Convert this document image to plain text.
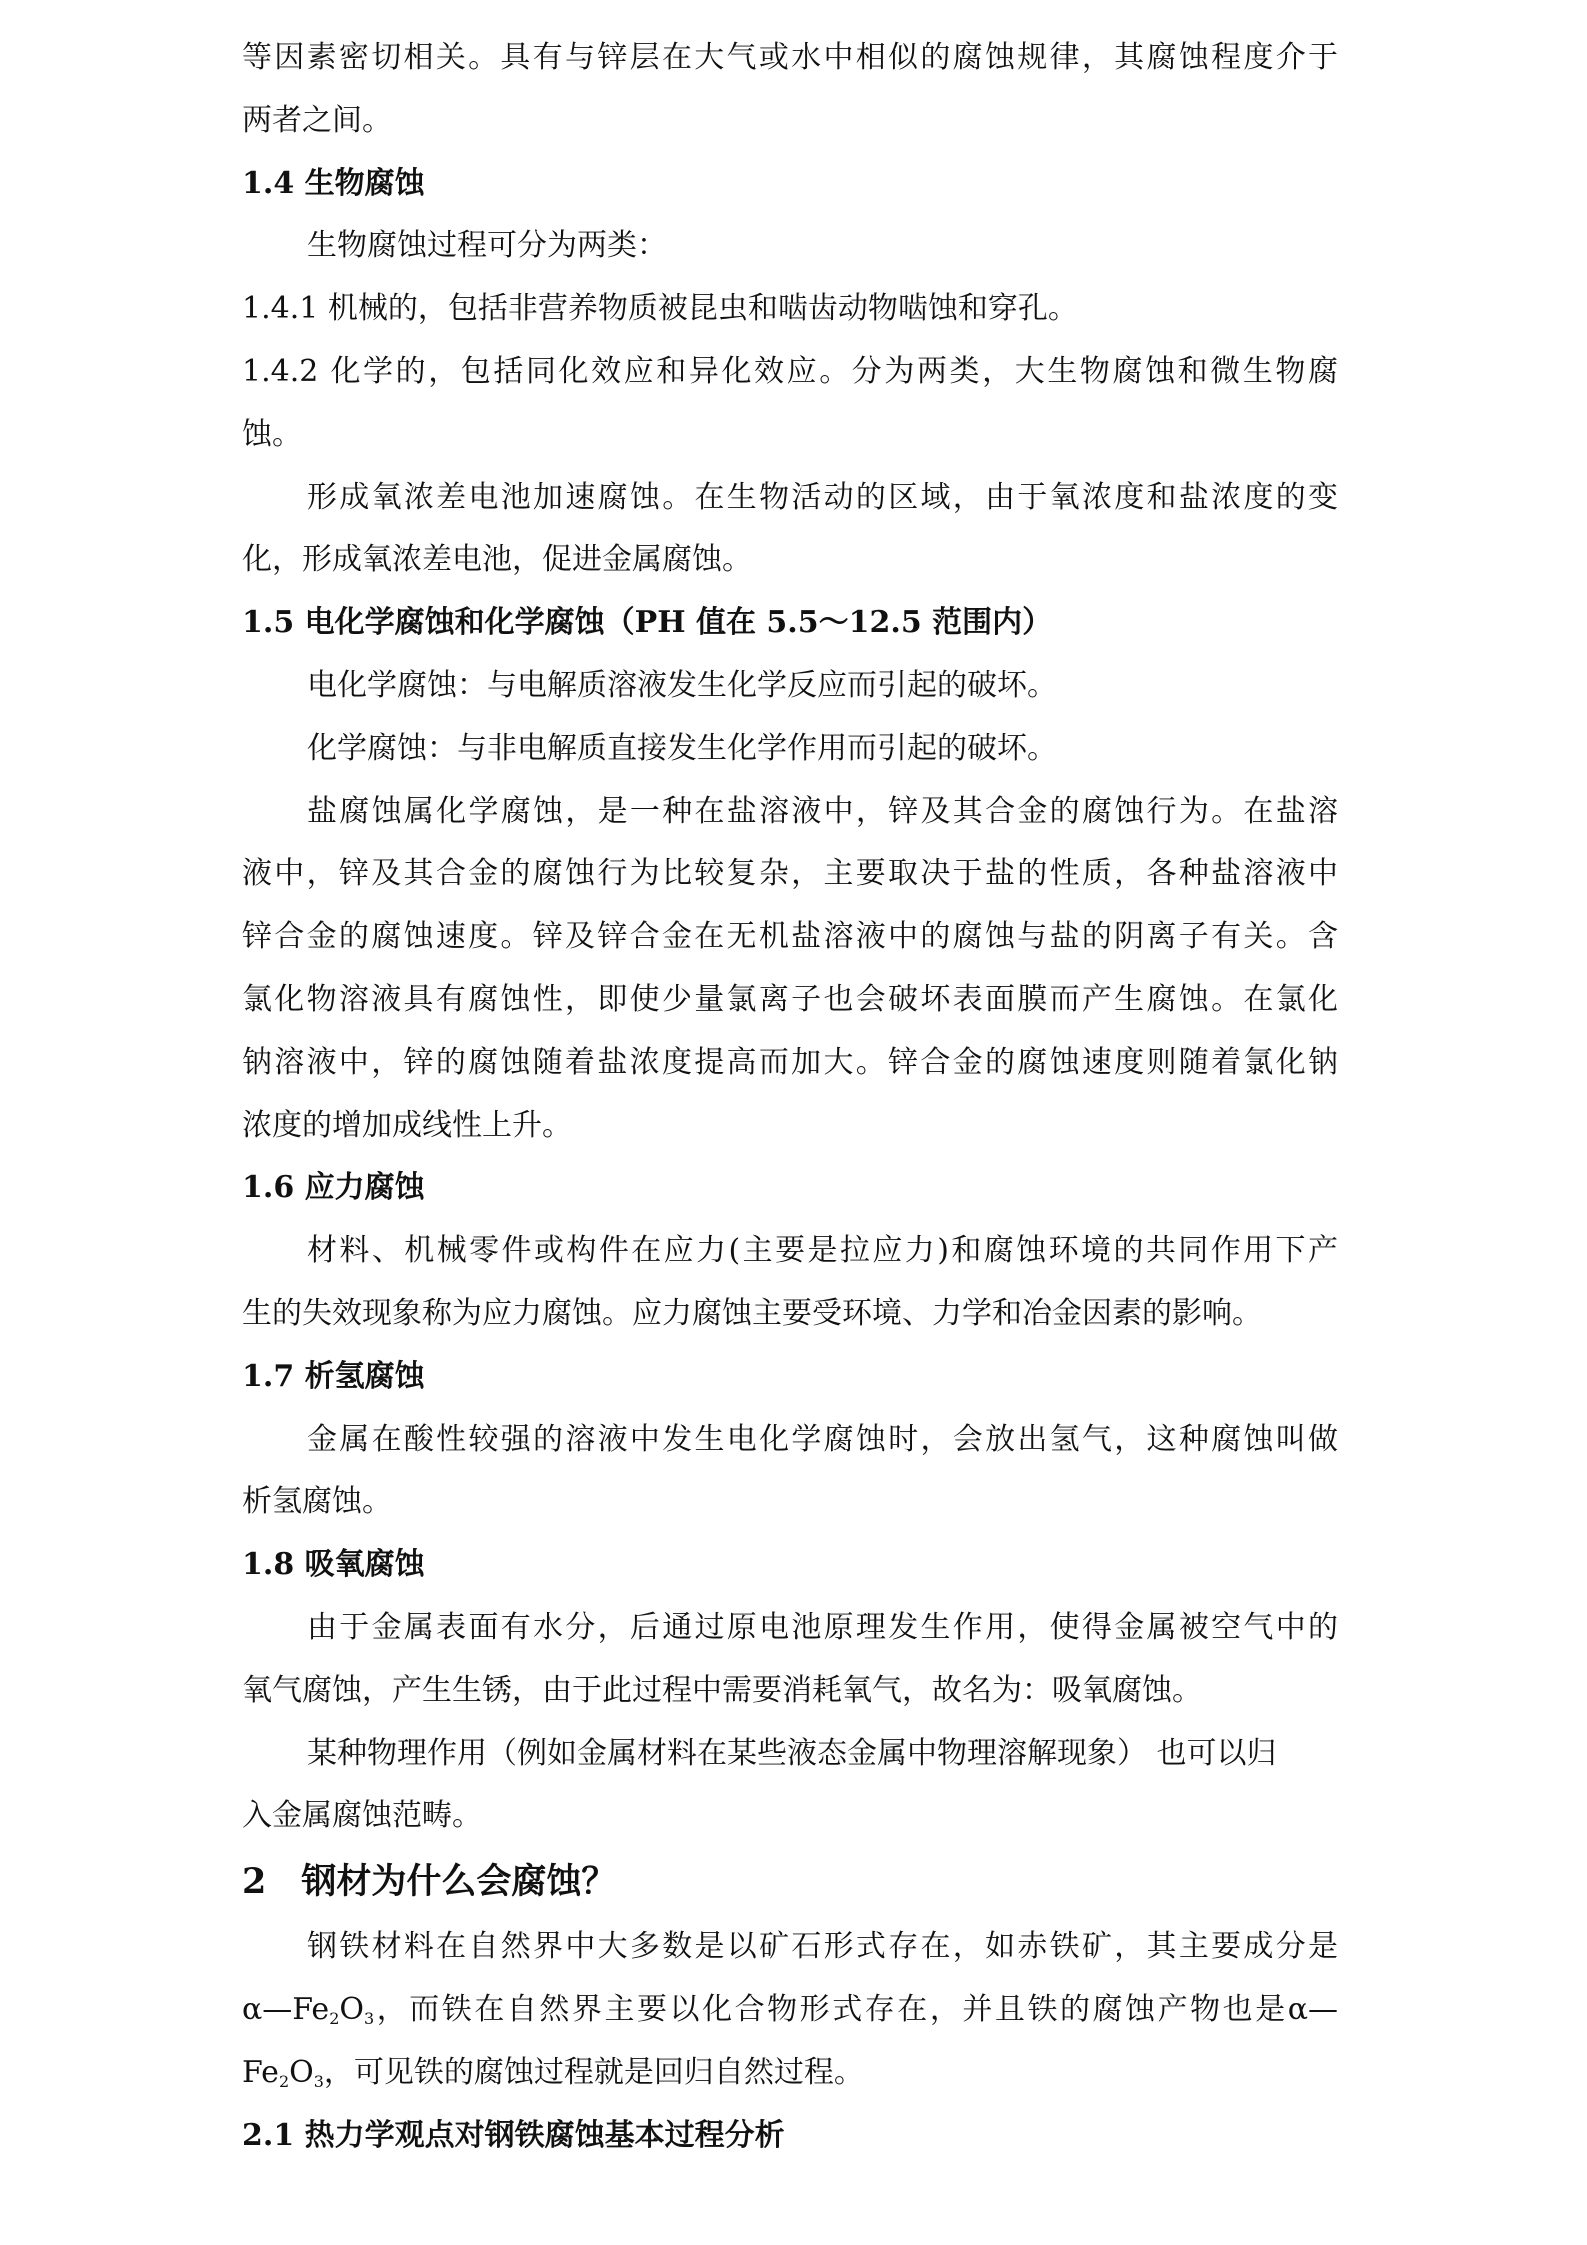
等因素密切相关。具有与锌层在大气或水中相似的腐蚀规律，其腐蚀程度介于
两者之间。
1.4 生物腐蚀
生物腐蚀过程可分为两类：
1.4.1 机械的，包括非营养物质被昆虫和啮齿动物啮蚀和穿孔。
1.4.2 化学的，包括同化效应和异化效应。分为两类，大生物腐蚀和微生物腐
蚀。
形成氧浓差电池加速腐蚀。在生物活动的区域，由于氧浓度和盐浓度的变
化，形成氧浓差电池，促进金属腐蚀。
1.5 电化学腐蚀和化学腐蚀（PH 值在 5.5～12.5 范围内）
电化学腐蚀：与电解质溶液发生化学反应而引起的破坏。
化学腐蚀：与非电解质直接发生化学作用而引起的破坏。
盐腐蚀属化学腐蚀，是一种在盐溶液中，锌及其合金的腐蚀行为。在盐溶
液中，锌及其合金的腐蚀行为比较复杂，主要取决于盐的性质，各种盐溶液中
锌合金的腐蚀速度。锌及锌合金在无机盐溶液中的腐蚀与盐的阴离子有关。含
氯化物溶液具有腐蚀性，即使少量氯离子也会破坏表面膜而产生腐蚀。在氯化
钠溶液中，锌的腐蚀随着盐浓度提高而加大。锌合金的腐蚀速度则随着氯化钠
浓度的增加成线性上升。
1.6 应力腐蚀
材料、机械零件或构件在应力(主要是拉应力)和腐蚀环境的共同作用下产
生的失效现象称为应力腐蚀。应力腐蚀主要受环境、力学和冶金因素的影响。
1.7 析氢腐蚀
金属在酸性较强的溶液中发生电化学腐蚀时，会放出氢气，这种腐蚀叫做
析氢腐蚀。
1.8 吸氧腐蚀
由于金属表面有水分，后通过原电池原理发生作用，使得金属被空气中的
氧气腐蚀，产生生锈，由于此过程中需要消耗氧气，故名为：吸氧腐蚀。
某种物理作用（例如金属材料在某些液态金属中物理溶解现象） 也可以归
入金属腐蚀范畴。
2　钢材为什么会腐蚀？
钢铁材料在自然界中大多数是以矿石形式存在，如赤铁矿，其主要成分是
$\alpha—Fe_2O_3$，而铁在自然界主要以化合物形式存在，并且铁的腐蚀产物也是α—
$Fe_2O_3$，可见铁的腐蚀过程就是回归自然过程。
2.1 热力学观点对钢铁腐蚀基本过程分析
